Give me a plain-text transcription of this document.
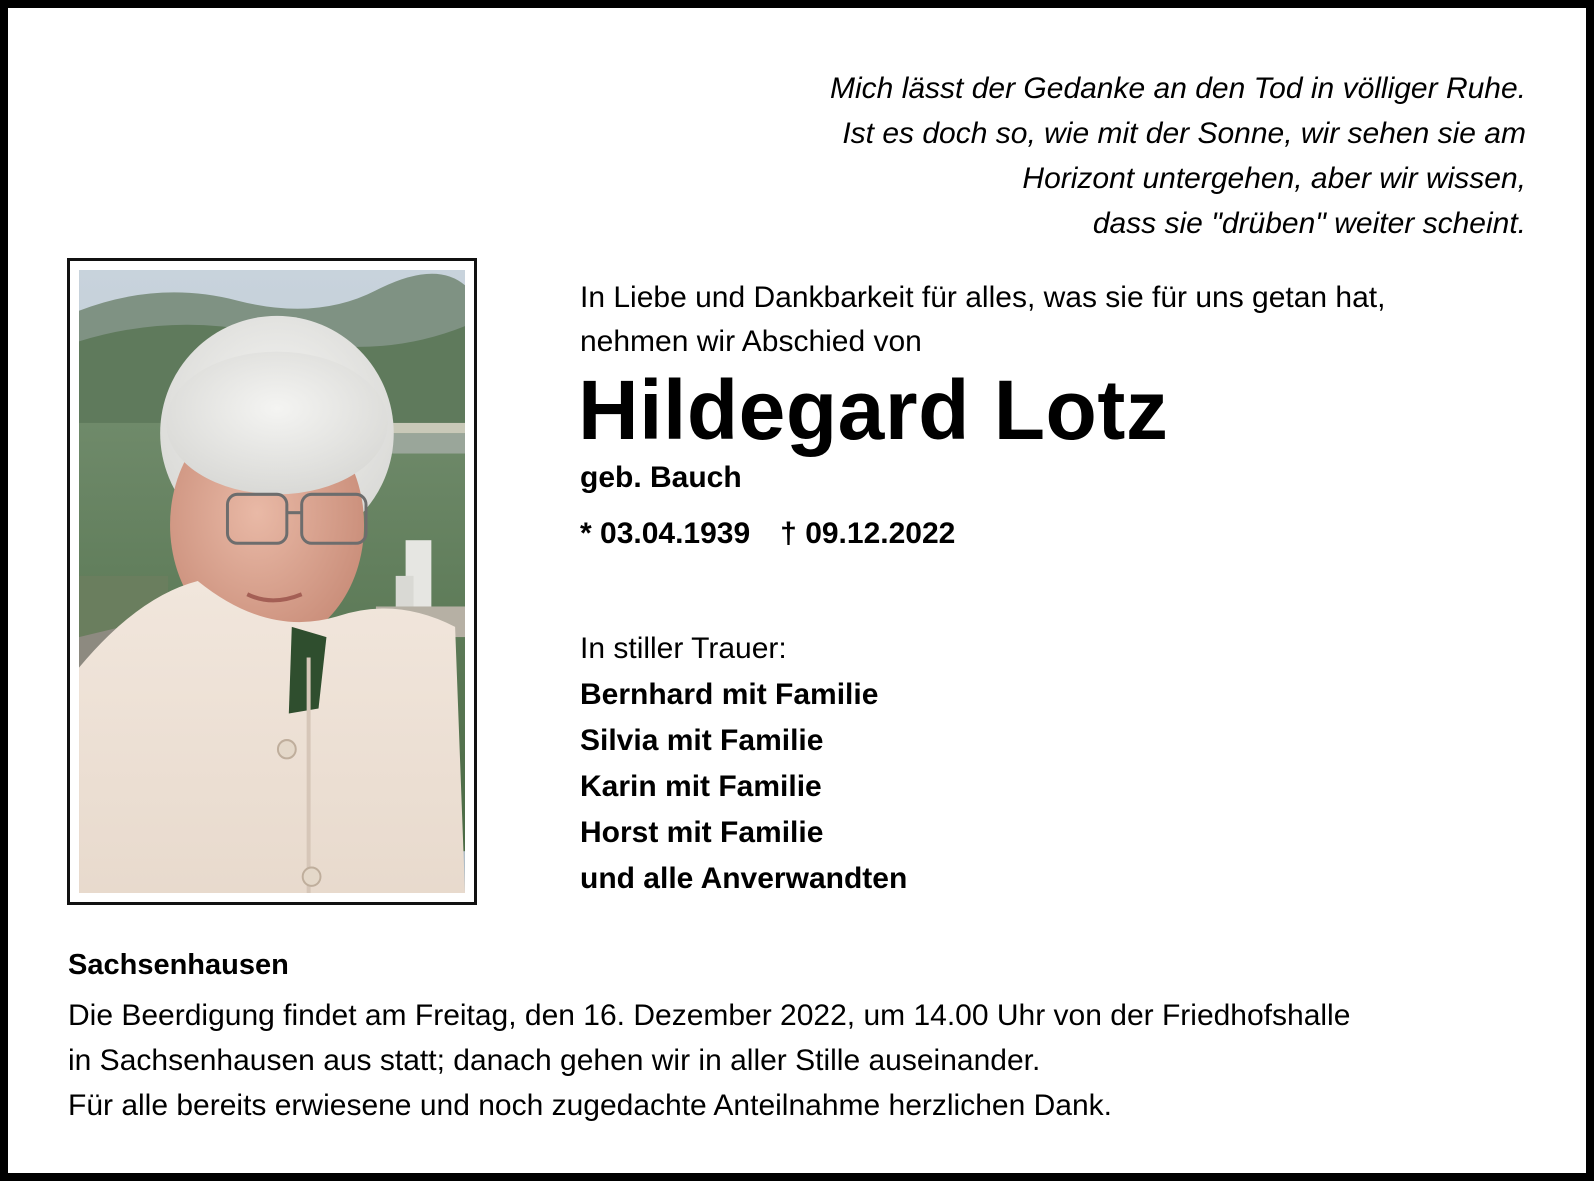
Mich lässt der Gedanke an den Tod in völliger Ruhe.
Ist es doch so, wie mit der Sonne, wir sehen sie am
Horizont untergehen, aber wir wissen,
dass sie "drüben" weiter scheint.
In Liebe und Dankbarkeit für alles, was sie für uns getan hat,
nehmen wir Abschied von
Hildegard Lotz
geb. Bauch
* 03.04.1939 † 09.12.2022
In stiller Trauer:
Bernhard mit Familie
Silvia mit Familie
Karin mit Familie
Horst mit Familie
und alle Anverwandten
Sachsenhausen
Die Beerdigung findet am Freitag, den 16. Dezember 2022, um 14.00 Uhr von der Friedhofshalle
in Sachsenhausen aus statt; danach gehen wir in aller Stille auseinander.
Für alle bereits erwiesene und noch zugedachte Anteilnahme herzlichen Dank.
